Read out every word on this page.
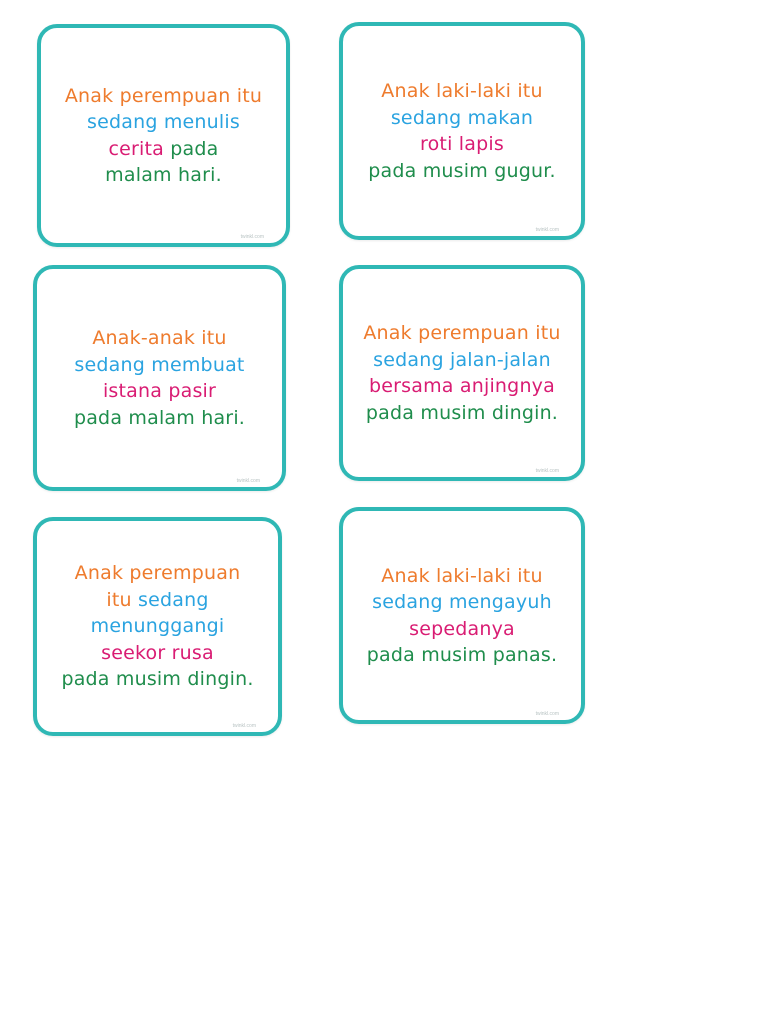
Anak perempuan itu
sedang menulis
cerita pada
malam hari.
twinkl.com
Anak laki-laki itu
sedang makan
roti lapis
pada musim gugur.
twinkl.com
Anak-anak itu
sedang membuat
istana pasir
pada malam hari.
twinkl.com
Anak perempuan itu
sedang jalan-jalan
bersama anjingnya
pada musim dingin.
twinkl.com
Anak perempuan
itu sedang
menunggangi
seekor rusa
pada musim dingin.
twinkl.com
Anak laki-laki itu
sedang mengayuh
sepedanya
pada musim panas.
twinkl.com
